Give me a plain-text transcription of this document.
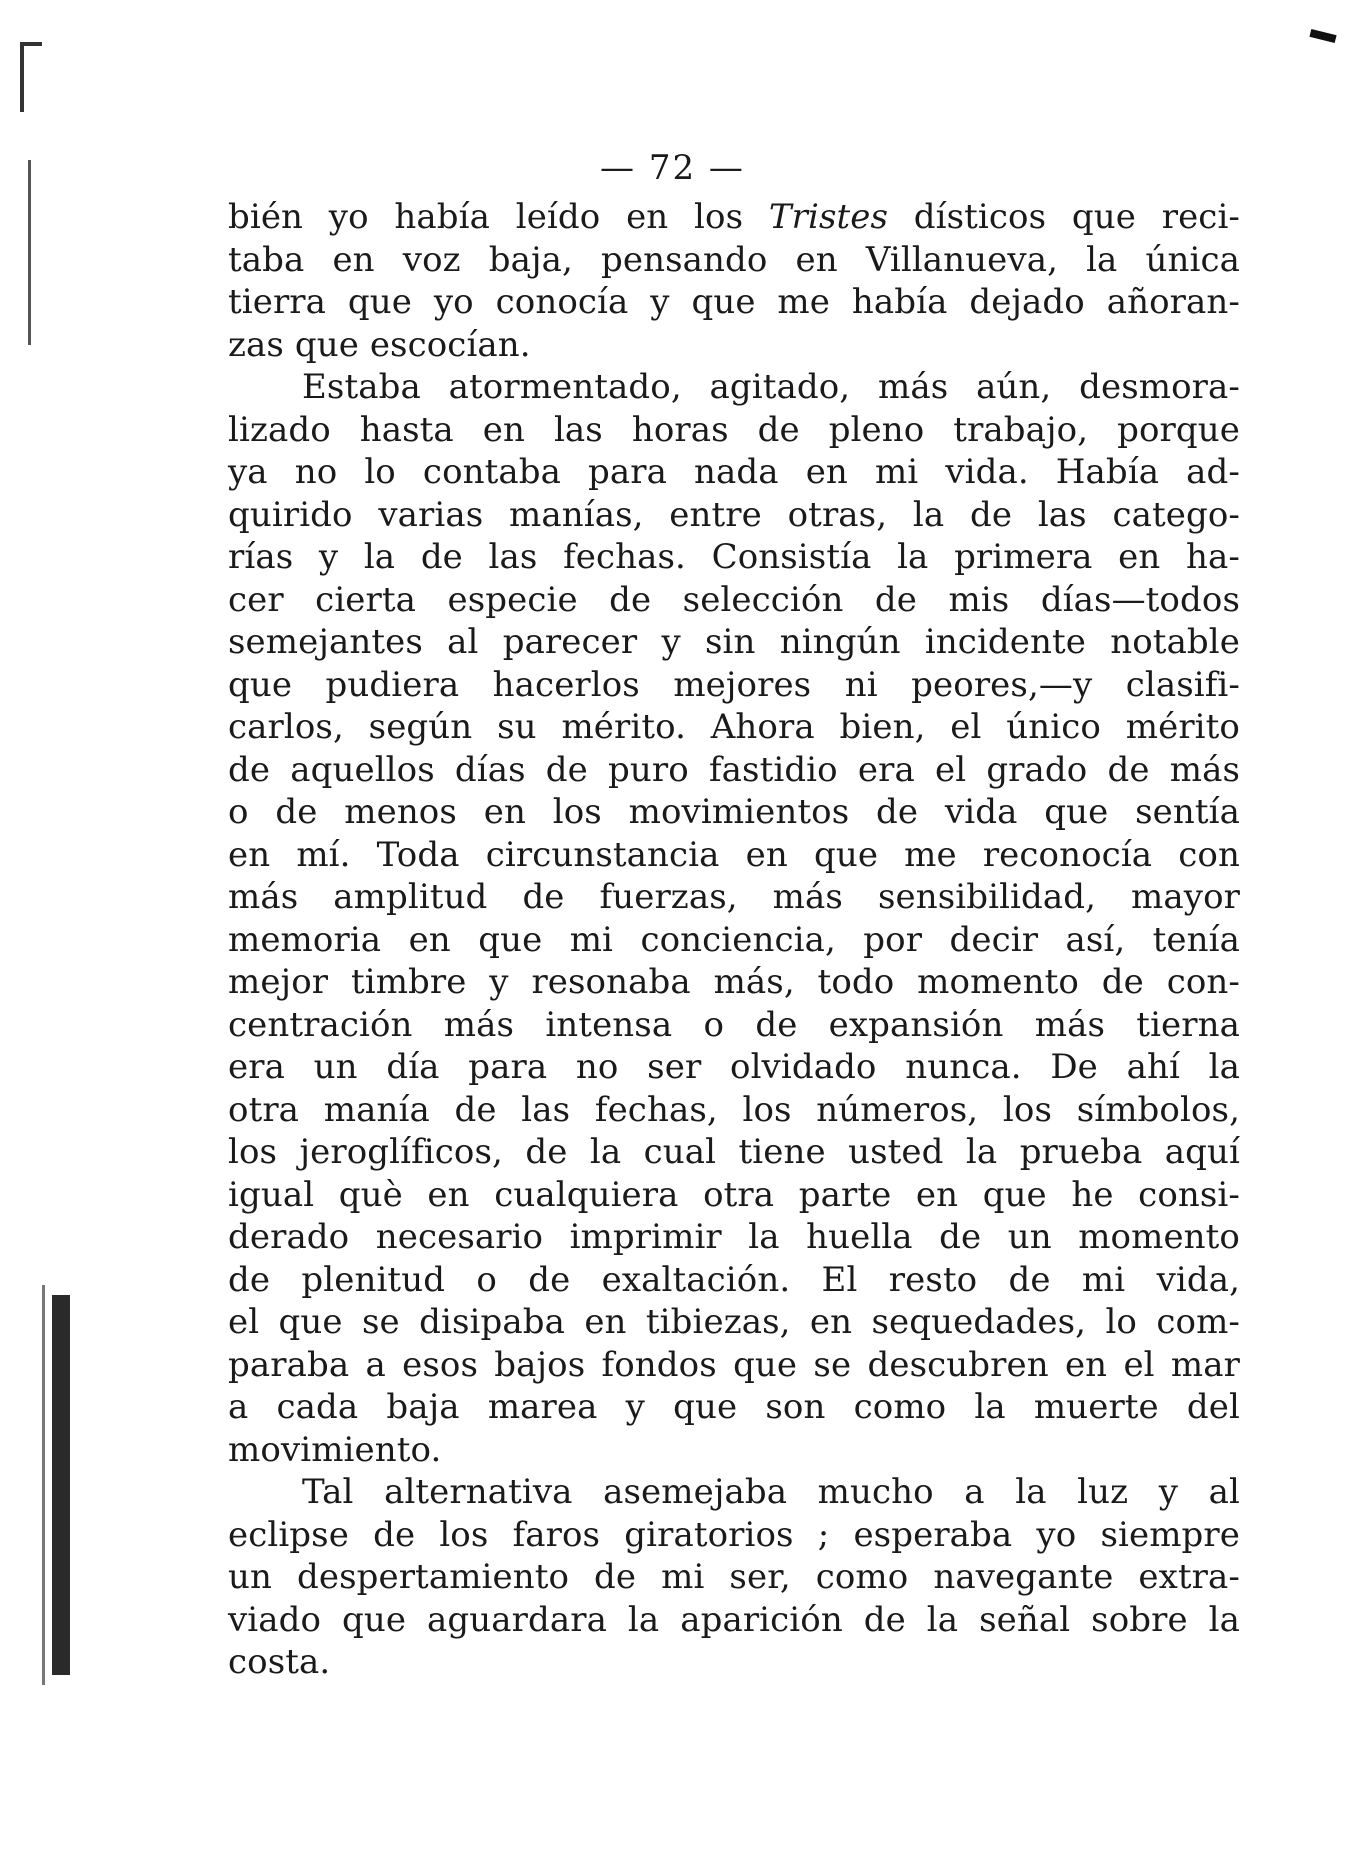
— 72 —
bién yo había leído en los Tristes dísticos que reci-
taba en voz baja, pensando en Villanueva, la única
tierra que yo conocía y que me había dejado añoran-
zas que escocían.
Estaba atormentado, agitado, más aún, desmora-
lizado hasta en las horas de pleno trabajo, porque
ya no lo contaba para nada en mi vida. Había ad-
quirido varias manías, entre otras, la de las catego-
rías y la de las fechas. Consistía la primera en ha-
cer cierta especie de selección de mis días—todos
semejantes al parecer y sin ningún incidente notable
que pudiera hacerlos mejores ni peores,—y clasifi-
carlos, según su mérito. Ahora bien, el único mérito
de aquellos días de puro fastidio era el grado de más
o de menos en los movimientos de vida que sentía
en mí. Toda circunstancia en que me reconocía con
más amplitud de fuerzas, más sensibilidad, mayor
memoria en que mi conciencia, por decir así, tenía
mejor timbre y resonaba más, todo momento de con-
centración más intensa o de expansión más tierna
era un día para no ser olvidado nunca. De ahí la
otra manía de las fechas, los números, los símbolos,
los jeroglíficos, de la cual tiene usted la prueba aquí
igual què en cualquiera otra parte en que he consi-
derado necesario imprimir la huella de un momento
de plenitud o de exaltación. El resto de mi vida,
el que se disipaba en tibiezas, en sequedades, lo com-
paraba a esos bajos fondos que se descubren en el mar
a cada baja marea y que son como la muerte del
movimiento.
Tal alternativa asemejaba mucho a la luz y al
eclipse de los faros giratorios ; esperaba yo siempre
un despertamiento de mi ser, como navegante extra-
viado que aguardara la aparición de la señal sobre la
costa.
